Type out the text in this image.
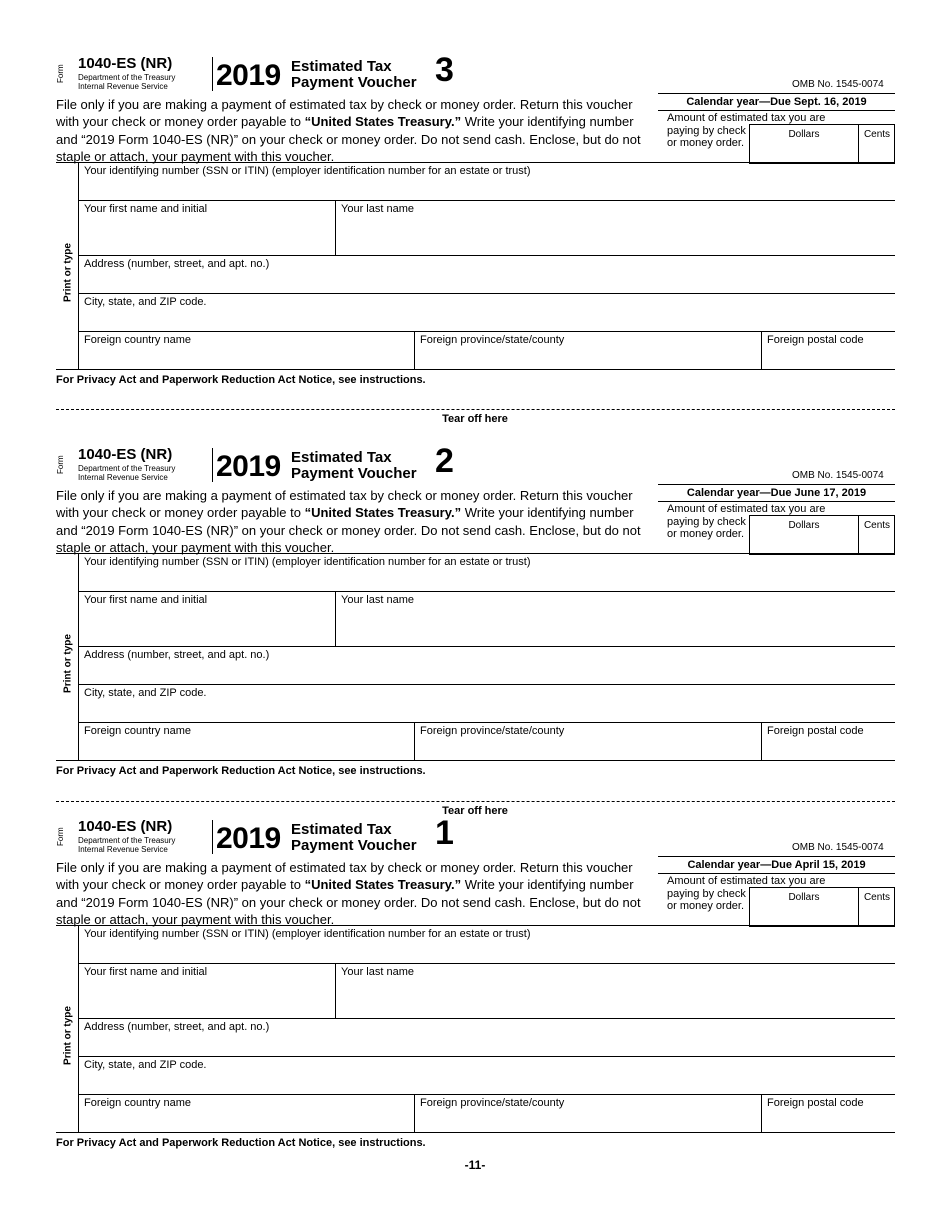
Form
1040-ES (NR)
Department of the Treasury
Internal Revenue Service 2019 Estimated Tax
Payment Voucher 3	OMB No. 1545-0074
File only if you are making a payment of estimated tax by check or money order. Return this voucher with your check or money order payable to “United States Treasury.” Write your identifying number and “2019 Form 1040-ES (NR)” on your check or money order. Do not send cash. Enclose, but do not staple or attach, your payment with this voucher.
Calendar year—Due Sept. 16, 2019
Amount of estimated tax you are
paying by check or money order.
Dollars	Cents
Print or type
Your identifying number (SSN or ITIN) (employer identification number for an estate or trust)
Your first name and initial	Your last name
Address (number, street, and apt. no.)
City, state, and ZIP code.
Foreign country name	Foreign province/state/county	Foreign postal code
For Privacy Act and Paperwork Reduction Act Notice, see instructions.
Form
1040-ES (NR)
Department of the Treasury
Internal Revenue Service 2019 Estimated Tax
Payment Voucher 2	OMB No. 1545-0074
File only if you are making a payment of estimated tax by check or money order. Return this voucher with your check or money order payable to “United States Treasury.” Write your identifying number and “2019 Form 1040-ES (NR)” on your check or money order. Do not send cash. Enclose, but do not staple or attach, your payment with this voucher.
Calendar year—Due June 17, 2019
Amount of estimated tax you are
paying by check or money order.
Dollars	Cents
Print or type
Your identifying number (SSN or ITIN) (employer identification number for an estate or trust)
Your first name and initial	Your last name
Address (number, street, and apt. no.)
City, state, and ZIP code.
Foreign country name	Foreign province/state/county	Foreign postal code
For Privacy Act and Paperwork Reduction Act Notice, see instructions.
Form
1040-ES (NR)
Department of the Treasury
Internal Revenue Service 2019 Estimated Tax
Payment Voucher 1	OMB No. 1545-0074
File only if you are making a payment of estimated tax by check or money order. Return this voucher with your check or money order payable to “United States Treasury.” Write your identifying number and “2019 Form 1040-ES (NR)” on your check or money order. Do not send cash. Enclose, but do not staple or attach, your payment with this voucher.
Calendar year—Due April 15, 2019
Amount of estimated tax you are
paying by check or money order.
Dollars	Cents
Print or type
Your identifying number (SSN or ITIN) (employer identification number for an estate or trust)
Your first name and initial	Your last name
Address (number, street, and apt. no.)
City, state, and ZIP code.
Foreign country name	Foreign province/state/county	Foreign postal code
For Privacy Act and Paperwork Reduction Act Notice, see instructions.
Tear off here
Tear off here
-11-
